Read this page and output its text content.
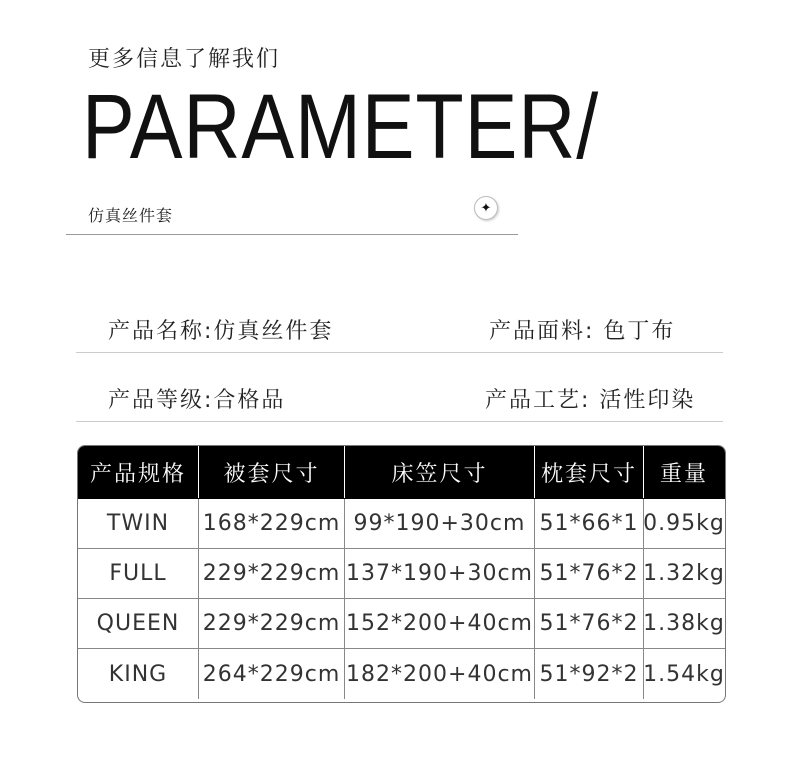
更多信息了解我们
PARAMETER/
仿真丝件套	✦
产品名称:仿真丝件套	产品面料: 色丁布
产品等级:合格品	产品工艺: 活性印染
产品规格	被套尺寸	床笠尺寸	枕套尺寸	重量
TWIN	168*229cm 99*190+30cm 51*66*1 0.95kg
FULL	229*229cm 137*190+30cm 51*76*2 1.32kg
QUEEN	229*229cm 152*200+40cm 51*76*2 1.38kg
KING	264*229cm 182*200+40cm 51*92*2 1.54kg
